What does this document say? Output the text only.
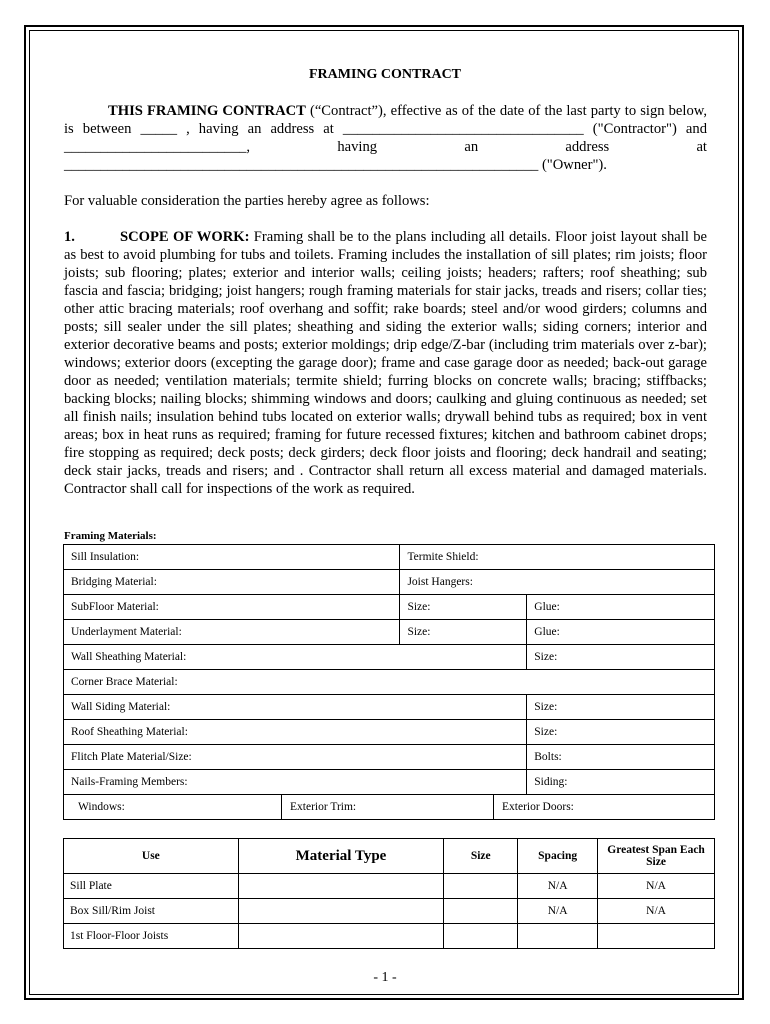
FRAMING CONTRACT
THIS FRAMING CONTRACT (“Contract”), effective as of the date of the last party to sign below, is between _____ , having an address at _________________________________ ("Contractor") and _________________________, having an address at _________________________________________________________________ ("Owner").
For valuable consideration the parties hereby agree as follows:
1.	SCOPE OF WORK: Framing shall be to the plans including all details. Floor joist layout shall be as best to avoid plumbing for tubs and toilets. Framing includes the installation of sill plates; rim joists; floor joists; sub flooring; plates; exterior and interior walls; ceiling joists; headers; rafters; roof sheathing; sub fascia and fascia; bridging; joist hangers; rough framing materials for stair jacks, treads and risers; collar ties; other attic bracing materials; roof overhang and soffit; rake boards; steel and/or wood girders; columns and posts; sill sealer under the sill plates; sheathing and siding the exterior walls; siding corners; interior and exterior decorative beams and posts; exterior moldings; drip edge/Z-bar (including trim materials over z-bar); windows; exterior doors (excepting the garage door); frame and case garage door as needed; back-out garage door as needed; ventilation materials; termite shield; furring blocks on concrete walls; bracing; stiffbacks; backing blocks; nailing blocks; shimming windows and doors; caulking and gluing continuous as needed; set all finish nails; insulation behind tubs located on exterior walls; drywall behind tubs as required; box in vent areas; box in heat runs as required; framing for future recessed fixtures; kitchen and bathroom cabinet drops; fire stopping as required; deck posts; deck girders; deck floor joists and flooring; deck handrail and seating; deck stair jacks, treads and risers; and . Contractor shall return all excess material and damaged materials. Contractor shall call for inspections of the work as required.
Framing Materials:
Sill Insulation:	Termite Shield:
Bridging Material:	Joist Hangers:
SubFloor Material:	Size:	Glue:
Underlayment Material:	Size:	Glue:
Wall Sheathing Material:	Size:
Corner Brace Material:
Wall Siding Material:	Size:
Roof Sheathing Material:	Size:
Flitch Plate Material/Size:	Bolts:
Nails-Framing Members:	Siding:

Windows:	Exterior Trim:	Exterior Doors:
Use	Material Type	Size	Spacing	Greatest Span Each Size
Sill Plate			N/A	N/A
Box Sill/Rim Joist			N/A	N/A
1st Floor-Floor Joists				
- 1 -
